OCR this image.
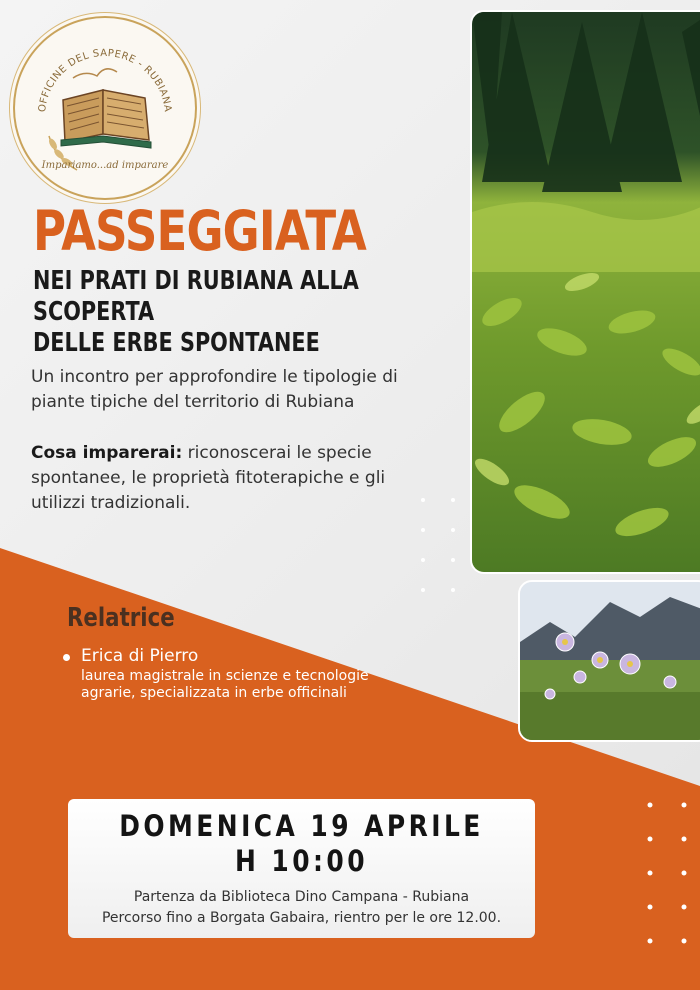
OFFICINE DEL SAPERE - RUBIANA
Impariamo...ad imparare
PASSEGGIATA
NEI PRATI DI RUBIANA ALLA SCOPERTA
DELLE ERBE SPONTANEE

Un incontro per approfondire le tipologie di piante tipiche del territorio di Rubiana

Cosa imparerai: riconoscerai le specie spontanee, le proprietà fitoterapiche e gli utilizzi tradizionali.

Relatrice
Erica di Pierro
laurea magistrale in scienze e tecnologie agrarie, specializzata in erbe officinali
DOMENICA 19 APRILE
H 10:00
Partenza da Biblioteca Dino Campana - Rubiana
Percorso fino a Borgata Gabaira, rientro per le ore 12.00.
